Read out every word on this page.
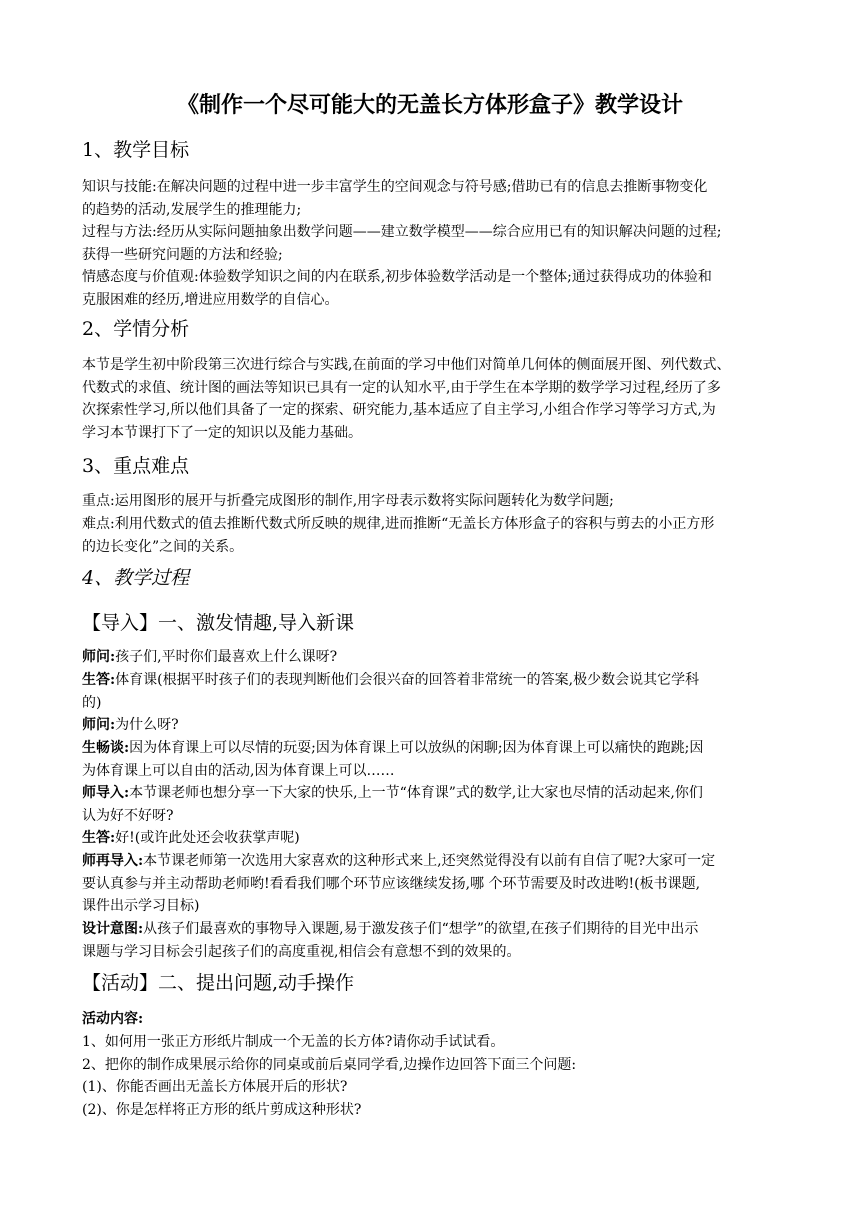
《制作一个尽可能大的无盖长方体形盒子》教学设计
1、教学目标
知识与技能:在解决问题的过程中进一步丰富学生的空间观念与符号感;借助已有的信息去推断事物变化
的趋势的活动,发展学生的推理能力;
过程与方法:经历从实际问题抽象出数学问题——建立数学模型——综合应用已有的知识解决问题的过程;
获得一些研究问题的方法和经验;
情感态度与价值观:体验数学知识之间的内在联系,初步体验数学活动是一个整体;通过获得成功的体验和
克服困难的经历,增进应用数学的自信心。
2、学情分析
本节是学生初中阶段第三次进行综合与实践,在前面的学习中他们对简单几何体的侧面展开图、列代数式、
代数式的求值、统计图的画法等知识已具有一定的认知水平,由于学生在本学期的数学学习过程,经历了多
次探索性学习,所以他们具备了一定的探索、研究能力,基本适应了自主学习,小组合作学习等学习方式,为
学习本节课打下了一定的知识以及能力基础。
3、重点难点
重点:运用图形的展开与折叠完成图形的制作,用字母表示数将实际问题转化为数学问题;
难点:利用代数式的值去推断代数式所反映的规律,进而推断“无盖长方体形盒子的容积与剪去的小正方形
的边长变化”之间的关系。
4、教学过程
【导入】一、激发情趣,导入新课
师问:孩子们,平时你们最喜欢上什么课呀?
生答:体育课(根据平时孩子们的表现判断他们会很兴奋的回答着非常统一的答案,极少数会说其它学科
的)
师问:为什么呀?
生畅谈:因为体育课上可以尽情的玩耍;因为体育课上可以放纵的闲聊;因为体育课上可以痛快的跑跳;因
为体育课上可以自由的活动,因为体育课上可以……
师导入:本节课老师也想分享一下大家的快乐,上一节“体育课”式的数学,让大家也尽情的活动起来,你们
认为好不好呀?
生答:好!(或许此处还会收获掌声呢)
师再导入:本节课老师第一次选用大家喜欢的这种形式来上,还突然觉得没有以前有自信了呢?大家可一定
要认真参与并主动帮助老师哟!看看我们哪个环节应该继续发扬,哪 个环节需要及时改进哟!(板书课题,
课件出示学习目标)
设计意图:从孩子们最喜欢的事物导入课题,易于激发孩子们“想学”的欲望,在孩子们期待的目光中出示
课题与学习目标会引起孩子们的高度重视,相信会有意想不到的效果的。
【活动】二、提出问题,动手操作
活动内容:
1、如何用一张正方形纸片制成一个无盖的长方体?请你动手试试看。
2、把你的制作成果展示给你的同桌或前后桌同学看,边操作边回答下面三个问题:
(1)、你能否画出无盖长方体展开后的形状?
(2)、你是怎样将正方形的纸片剪成这种形状?
